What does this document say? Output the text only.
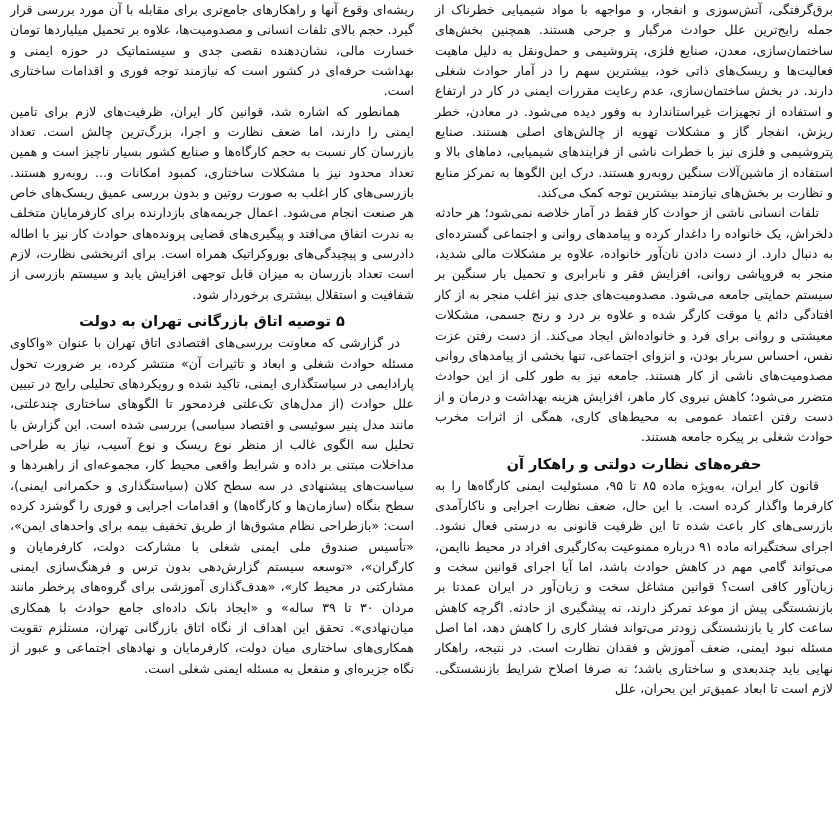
برق‌گرفتگی، آتش‌سوزی و انفجار، و مواجهه با مواد شیمیایی خطرناک از جمله رایج‌ترین علل حوادث مرگبار و جرحی هستند. همچنین بخش‌های ساختمان‌سازی، معدن، صنایع فلزی، پتروشیمی و حمل‌ونقل به دلیل ماهیت فعالیت‌ها و ریسک‌های ذاتی خود، بیشترین سهم را در آمار حوادث شغلی دارند. در بخش ساختمان‌سازی، عدم رعایت مقررات ایمنی در کار در ارتفاع و استفاده از تجهیزات غیراستاندارد به وفور دیده می‌شود. در معادن، خطر ریزش، انفجار گاز و مشکلات تهویه از چالش‌های اصلی هستند. صنایع پتروشیمی و فلزی نیز با خطرات ناشی از فرایندهای شیمیایی، دماهای بالا و استفاده از ماشین‌آلات سنگین روبه‌رو هستند. درک این الگوها به تمرکز منابع و نظارت بر بخش‌های نیازمند بیشترین توجه کمک می‌کند.

تلفات انسانی ناشی از حوادث کار فقط در آمار خلاصه نمی‌شود؛ هر حادثه دلخراش، یک خانواده را داغدار کرده و پیامدهای روانی و اجتماعی گسترده‌ای به دنبال دارد. از دست دادن نان‌آور خانواده، علاوه بر مشکلات مالی شدید، منجر به فروپاشی روانی، افزایش فقر و نابرابری و تحمیل بار سنگین بر سیستم حمایتی جامعه می‌شود. مصدومیت‌های جدی نیز اغلب منجر به از کار افتادگی دائم یا موقت کارگر شده و علاوه بر درد و رنج جسمی، مشکلات معیشتی و روانی برای فرد و خانواده‌اش ایجاد می‌کند. از دست رفتن عزت نفس، احساس سربار بودن، و انزوای اجتماعی، تنها بخشی از پیامدهای روانی مصدومیت‌های ناشی از کار هستند. جامعه نیز به طور کلی از این حوادث متضرر می‌شود؛ کاهش نیروی کار ماهر، افزایش هزینه بهداشت و درمان و از دست رفتن اعتماد عمومی به محیط‌های کاری، همگی از اثرات مخرب حوادث شغلی بر پیکره جامعه هستند.

حفره‌های نظارت دولتی و راهکار آن

قانون کار ایران، به‌ویژه ماده ۸۵ تا ۹۵، مسئولیت ایمنی کارگاه‌ها را به کارفرما واگذار کرده است. با این حال، ضعف نظارت اجرایی و ناکارآمدی بازرسی‌های کار باعث شده تا این ظرفیت قانونی به درستی فعال نشود. اجرای سختگیرانه ماده ۹۱ درباره ممنوعیت به‌کارگیری افراد در محیط ناایمن، می‌تواند گامی مهم در کاهش حوادث باشد، اما آیا اجرای قوانین سخت و زبان‌آور کافی است؟ قوانین مشاغل سخت و زبان‌آور در ایران عمدتا بر بازنشستگی پیش از موعد تمرکز دارند، نه پیشگیری از حادثه. اگرچه کاهش ساعت کار یا بازنشستگی زودتر می‌تواند فشار کاری را کاهش دهد، اما اصل مسئله نبود ایمنی، ضعف آموزش و فقدان نظارت است. در نتیجه، راهکار نهایی باید چندبعدی و ساختاری باشد؛ نه صرفا اصلاح شرایط بازنشستگی. لازم است تا ابعاد عمیق‌تر این بحران، علل

ریشه‌ای وقوع آنها و راهکارهای جامع‌تری برای مقابله با آن مورد بررسی قرار گیرد. حجم بالای تلفات انسانی و مصدومیت‌ها، علاوه بر تحمیل میلیاردها تومان خسارت مالی، نشان‌دهنده نقصی جدی و سیستماتیک در حوزه ایمنی و بهداشت حرفه‌ای در کشور است که نیازمند توجه فوری و اقدامات ساختاری است.

همانطور که اشاره شد، قوانین کار ایران، ظرفیت‌های لازم برای تامین ایمنی را دارند، اما ضعف نظارت و اجرا، بزرگ‌ترین چالش است. تعداد بازرسان کار نسبت به حجم کارگاه‌ها و صنایع کشور بسیار ناچیز است و همین تعداد محدود نیز با مشکلات ساختاری، کمبود امکانات و... روبه‌رو هستند. بازرسی‌های کار اغلب به صورت روتین و بدون بررسی عمیق ریسک‌های خاص هر صنعت انجام می‌شود. اعمال جریمه‌های بازدارنده برای کارفرمایان متخلف به ندرت اتفاق می‌افتد و پیگیری‌های قضایی پرونده‌های حوادث کار نیز با اطاله دادرسی و پیچیدگی‌های بوروکراتیک همراه است. برای اثربخشی نظارت، لازم است تعداد بازرسان به میزان قابل توجهی افزایش یابد و سیستم بازرسی از شفافیت و استقلال بیشتری برخوردار شود.

۵ توصیه اتاق بازرگانی تهران به دولت

در گزارشی که معاونت بررسی‌های اقتصادی اتاق تهران با عنوان «واکاوی مسئله حوادث شغلی و ابعاد و تاثیرات آن» منتشر کرده، بر ضرورت تحول پارادایمی در سیاستگذاری ایمنی، تاکید شده و رویکردهای تحلیلی رایج در تبیین علل حوادث (از مدل‌های تک‌علتی فردمحور تا الگوهای ساختاری چندعلتی، مانند مدل پنیر سوئیسی و اقتصاد سیاسی) بررسی شده است. این گزارش با تحلیل سه الگوی غالب از منظر نوع ریسک و نوع آسیب، نیاز به طراحی مداخلات مبتنی بر داده و شرایط واقعی محیط کار، مجموعه‌ای از راهبردها و سیاست‌های پیشنهادی در سه سطح کلان (سیاستگذاری و حکمرانی ایمنی)، سطح بنگاه (سازمان‌ها و کارگاه‌ها) و اقدامات اجرایی و فوری را گوشزد کرده است: «بازطراحی نظام مشوق‌ها از طریق تخفیف بیمه برای واحدهای ایمن»، «تأسیس صندوق ملی ایمنی شغلی با مشارکت دولت، کارفرمایان و کارگران»، «توسعه سیستم گزارش‌دهی بدون ترس و فرهنگ‌سازی ایمنی مشارکتی در محیط کار»، «هدف‌گذاری آموزشی برای گروه‌های پرخطر مانند مردان ۳۰ تا ۳۹ ساله» و «ایجاد بانک داده‌ای جامع حوادث با همکاری میان‌نهادی». تحقق این اهداف از نگاه اتاق بازرگانی تهران، مستلزم تقویت همکاری‌های ساختاری میان دولت، کارفرمایان و نهادهای اجتماعی و عبور از نگاه جزیره‌ای و منفعل به مسئله ایمنی شغلی است.
